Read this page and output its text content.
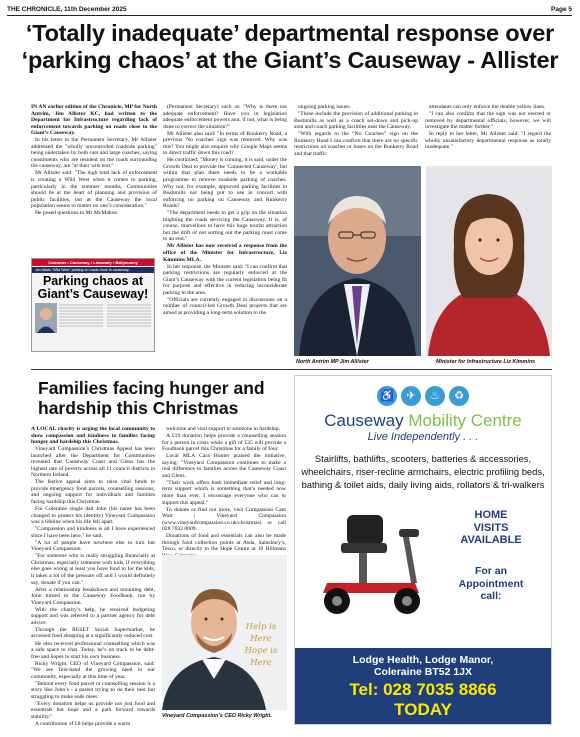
THE CHRONICLE, 11th December 2025	Page 5
‘Totally inadequate’ departmental response over ‘parking chaos’ at the Giant’s Causeway - Allister

IN AN earlier edition of the Chronicle, MP for North Antrim, Jim Allister KC, had written to the Department for Infrastructure regarding lack of enforcement towards parking on roads close to the Giant’s Causeway.

In his letter to the Permanent Secretary, Mr Allister addressed the "wholly uncontrolled roadside parking" being undertaken by both cars and large coaches, saying constituents who are resident on the roads surrounding the causeway, are "at their wits end."

Mr Allister said: "The high total lack of enforcement is creating a Wild West when it comes to parking, particularly in the summer months. Communities should be at the heart of planning and provision of public facilities, but at the Causeway the local population seems to matter no one’s consideration."

He posed questions to Mr McMahon

(Permanent Secretary) such as: "Why is there not adequate enforcement? Have you in legislation adequate enforcement powers and, if not, what is being done to correct the situation?"

Mr Allister also said: "In terms of Runkerry Road, a previous 'No coaches' sign was removed. Why was this? You might also enquire why Google Maps seems to direct traffic down this road?

He continued: "Money is coming, it is said, under the Growth Deal to provide the 'Connected Causeway', but within that plan there needs to be a workable programme to remove roadside parking of coaches. Why not, for example, approved parking facilities in Bushmills not being put to use in concert with enforcing no parking on Causeway and Runkerry Roads?

"The department needs to get a grip on the situation blighting the roads servicing the Causeway. It is, of course, marvellous to have this huge tourist attraction but the drift of not sorting out the parking must come to an end."

Mr Allister has now received a response from the office of the Minister for Infrastructure, Liz Kimmins MLA.

In her response, the Minister said: "I can confirm that parking restrictions are regularly enforced at the Giant’s Causeway with the current legislation being fit for purpose and effective in reducing inconsiderate parking in the area.

"Officials are currently engaged in discussions on a number of council-led Growth Deal projects that are aimed at providing a long-term solution to the

ongoing parking issues.

"These include the provision of additional parking in Bushmills as well as a coach set-down and pick-up area and coach parking facilities near the Causeway.

"With regards to the “No Coaches” sign on the Runkerry Road I can confirm that there are no specific restrictions on coaches or buses on the Runkerry Road and that traffic

attendants can only enforce the double yellow lines.

"I can also confirm that the sign was not erected or removed by departmental officials, however, we will investigate the matter further."

In reply to her letter, Mr Allister said: "I regard the wholly unsatisfactory departmental response as totally inadequate."

Coleraine • Causeway • Limavady • Ballymoney
Jim blasts "Wild West" parking on roads close to causeway
Parking chaos at
Giant’s Causeway!
North Antrim MP Jim Allister	Minister for Infrastructure Liz Kimmins
Families facing hunger and hardship this Christmas

A LOCAL charity is urging the local community to show compassion and kindness to families facing hunger and hardship this Christmas.

Vineyard Compassion’s Christmas Appeal has been launched after the Department for Communities revealed that Causeway Coast and Glens has the highest rate of poverty across all 11 council districts in Northern Ireland.

The festive appeal aims to raise vital funds to provide emergency food parcels, counselling sessions, and ongoing support for individuals and families facing hardship this Christmas.

For Coleraine single dad John (his name has been changed to protect his identity) Vineyard Compassion was a lifeline when his life fell apart.

"Compassion and kindness is all I have experienced since I have been here," he said.

"A lot of people have nowhere else to turn but Vineyard Compassion.

"For someone who is really struggling financially at Christmas, especially someone with kids, if everything else goes wrong at least you have food in for the kids, it takes a lot of the pressure off and I would definitely say, donate if you can."

After a relationship breakdown and mounting debt, John turned to the Causeway Foodbank, run by Vineyard Compassion.

With the charity’s help, he received budgeting support and was referred to a partner agency for debt advice.

Through the RESET Social Supermarket, he accessed food shopping at a significantly reduced cost.

He also received professional counselling which was a safe space to chat. Today, he’s on track to be debt-free and hopes to start his own business.

Ricky Wright, CEO of Vineyard Compassion, said: "We see first-hand the growing need in our community, especially at this time of year.

"Behind every food parcel or counselling session is a story like John’s - a parent trying to do their best but struggling to make ends meet.

"Every donation helps us provide not just food and essentials but hope and a path forward towards stability."

A contribution of £8 helps provide a warm

welcome and vital support to someone in hardship.

A £19 donation helps provide a counselling session for a person in crisis while a gift of £35 will provide a Foodbank parcel this Christmas for a family of four.

Local MLA Cara Hunter praised the initiative, saying: "Vineyard Compassion continues to make a real difference to families across the Causeway Coast and Glens.

"Their work offers both immediate relief and long-term support which is something that’s needed now more than ever. I encourage everyone who can to support this appeal."

To donate or find out more, visit Compassion Cant Wait | Vineyard Compassion (www.vineyardcompassion.co.uk/christmas) or call 028 7032 0009.

Donations of food and essentials can also be made through food collection points at Asda, Sainsbury’s, Tesco, or directly to the Hope Centre at 10 Hillmans

Help is Here Hope is Here
Vineyard Compassion’s CEO Ricky Wright.
♿	✈	♨	♻
Causeway Mobility Centre
Live Independently . . .
Stairlifts, bathlifts, scooters, batteries & accessories, wheelchairs, riser-recline armchairs, electric profiling beds, bathing & toilet aids, daily living aids, rollators & tri-walkers
HOME
VISITS
AVAILABLE
For an
Appointment
call:
Lodge Health, Lodge Manor,
Coleraine BT52 1JX
Tel: 028 7035 8866
TODAY
